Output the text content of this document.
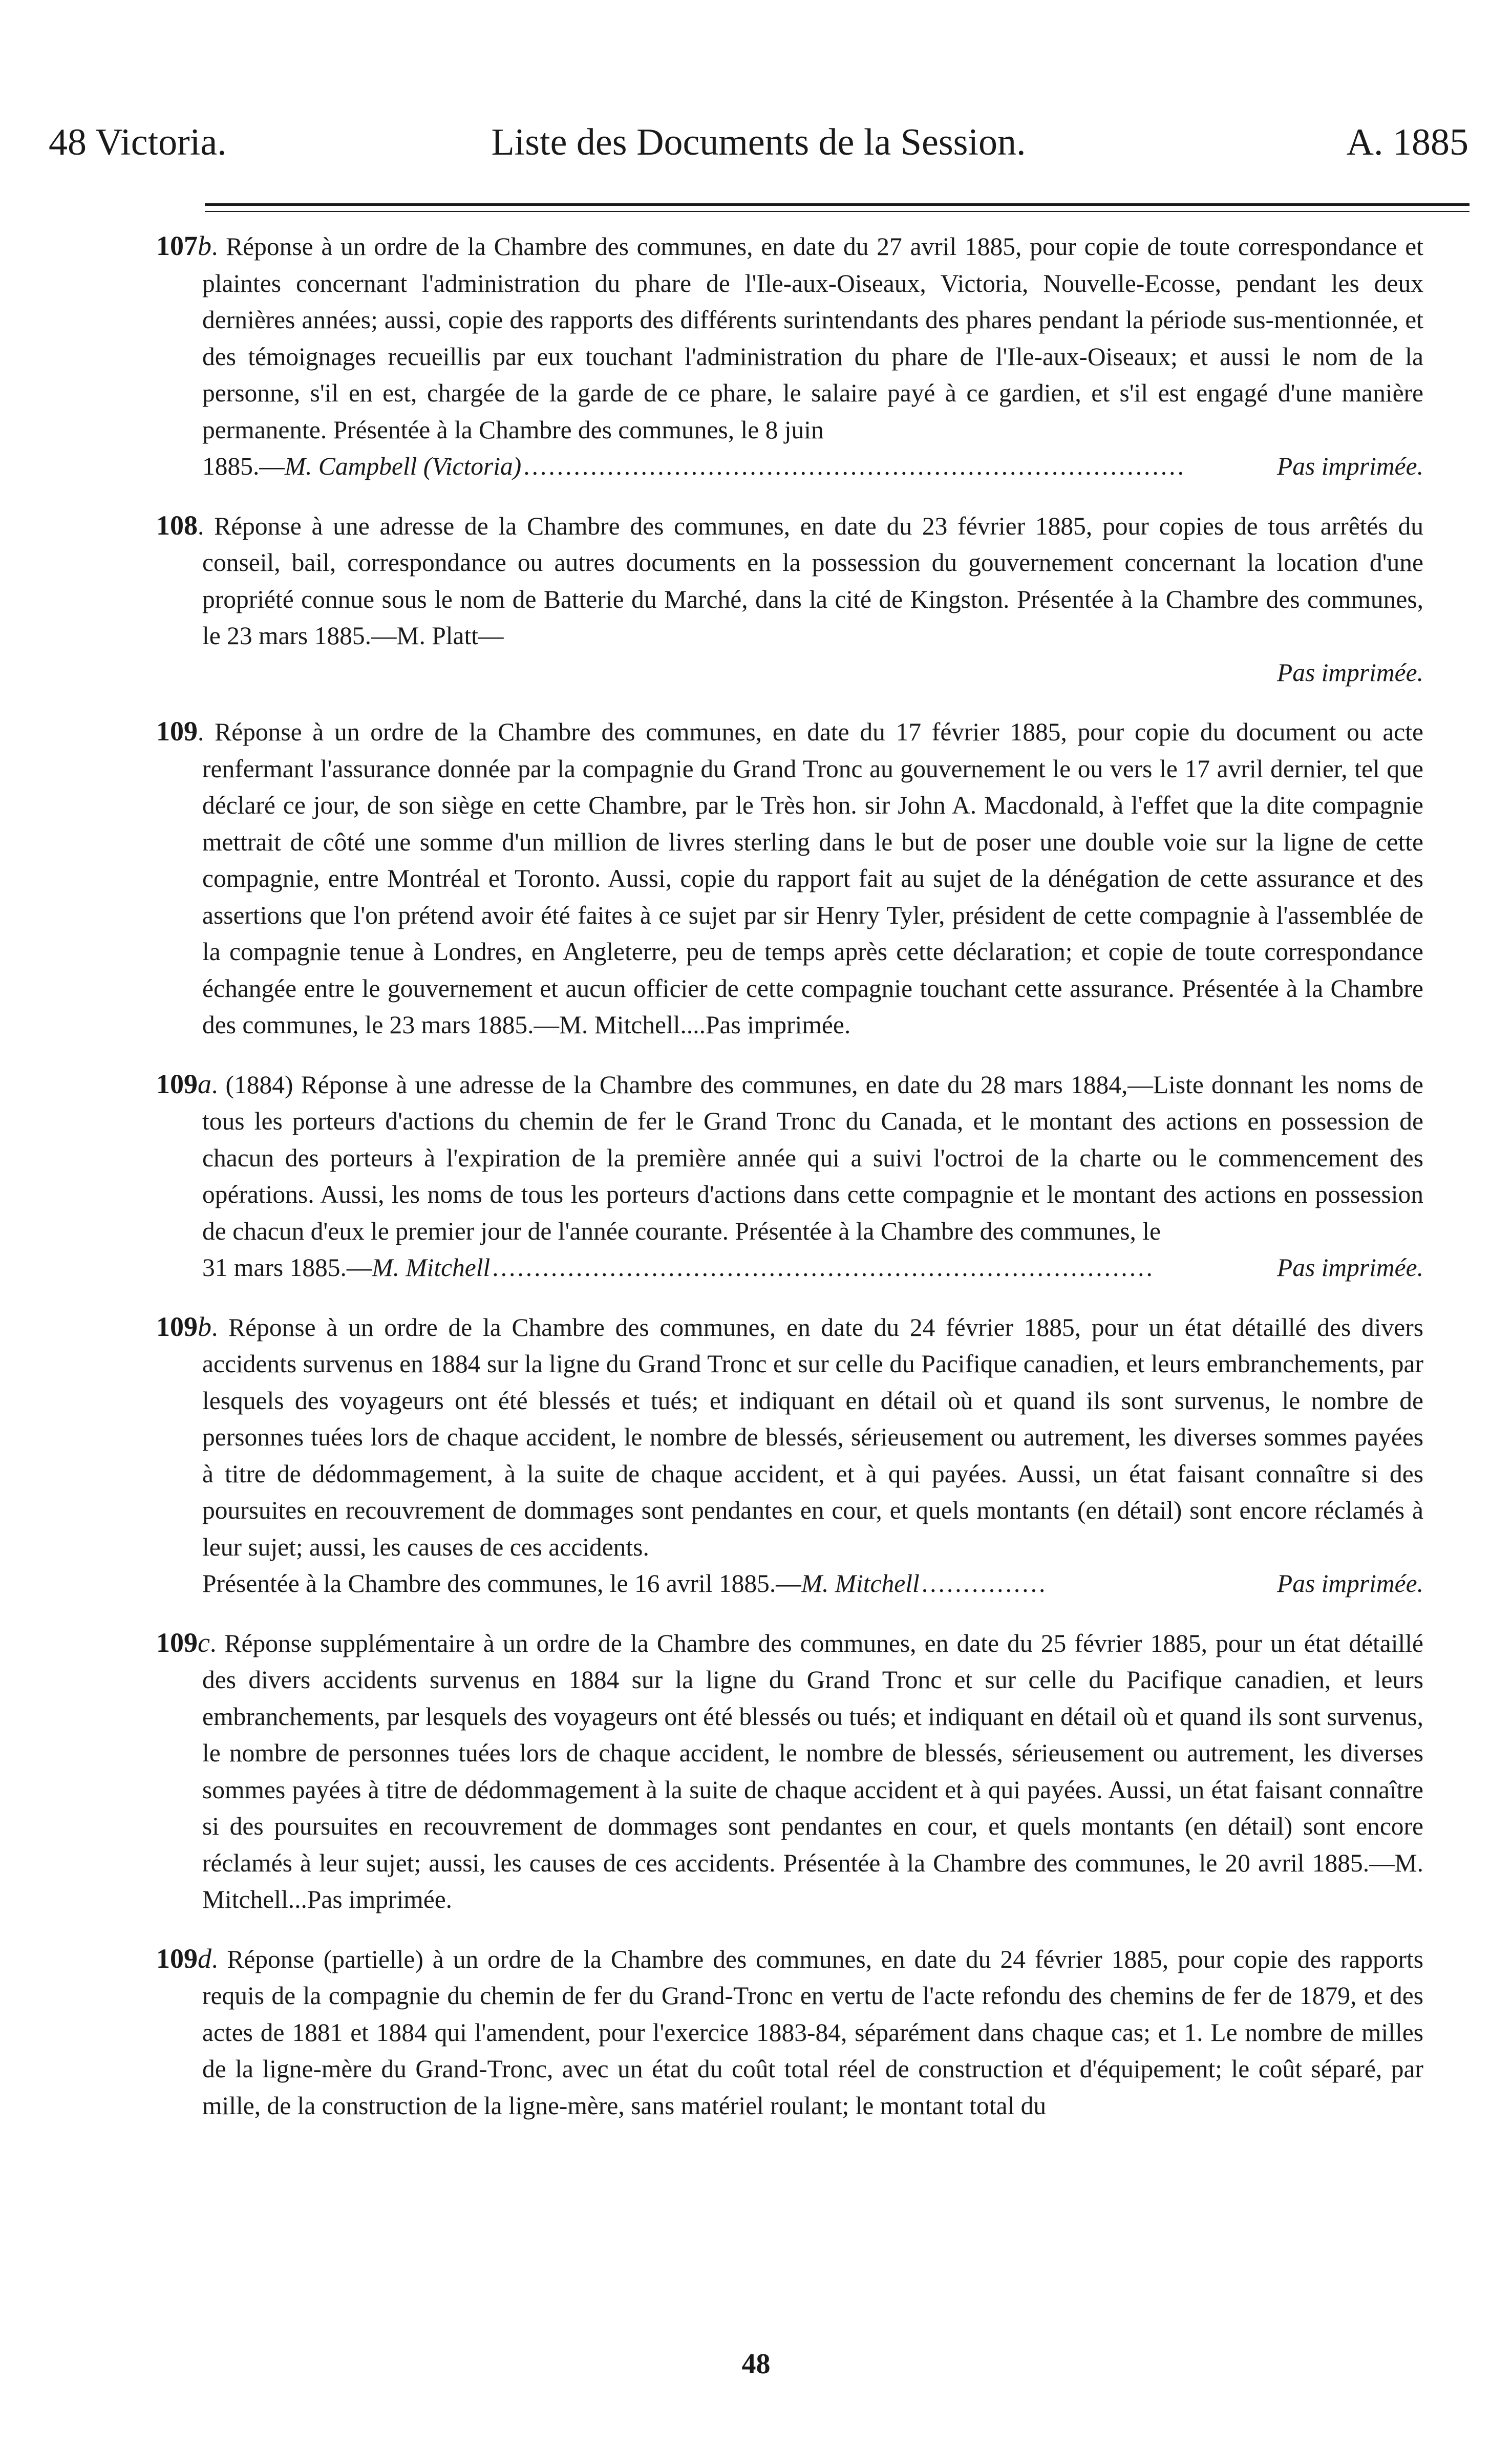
48 Victoria.	Liste des Documents de la Session.	A. 1885
107b. Réponse à un ordre de la Chambre des communes, en date du 27 avril 1885, pour copie de toute correspondance et plaintes concernant l'administration du phare de l'Ile-aux-Oiseaux, Victoria, Nouvelle-Ecosse, pendant les deux dernières années; aussi, copie des rapports des différents surintendants des phares pendant la période sus-mentionnée, et des témoignages recueillis par eux touchant l'administration du phare de l'Ile-aux-Oiseaux; et aussi le nom de la personne, s'il en est, chargée de la garde de ce phare, le salaire payé à ce gardien, et s'il est engagé d'une manière permanente. Présentée à la Chambre des communes, le 8 juin
1885.— M. Campbell (Victoria) ...............................................................................	Pas imprimée.
108. Réponse à une adresse de la Chambre des communes, en date du 23 février 1885, pour copies de tous arrêtés du conseil, bail, correspondance ou autres documents en la possession du gouvernement concernant la location d'une propriété connue sous le nom de Batterie du Marché, dans la cité de Kingston. Présentée à la Chambre des communes, le 23 mars 1885.—M. Platt—
Pas imprimée.
109. Réponse à un ordre de la Chambre des communes, en date du 17 février 1885, pour copie du document ou acte renfermant l'assurance donnée par la compagnie du Grand Tronc au gouvernement le ou vers le 17 avril dernier, tel que déclaré ce jour, de son siège en cette Chambre, par le Très hon. sir John A. Macdonald, à l'effet que la dite compagnie mettrait de côté une somme d'un million de livres sterling dans le but de poser une double voie sur la ligne de cette compagnie, entre Montréal et Toronto. Aussi, copie du rapport fait au sujet de la dénégation de cette assurance et des assertions que l'on prétend avoir été faites à ce sujet par sir Henry Tyler, président de cette compagnie à l'assemblée de la compagnie tenue à Londres, en Angleterre, peu de temps après cette déclaration; et copie de toute correspondance échangée entre le gouvernement et aucun officier de cette compagnie touchant cette assurance. Présentée à la Chambre des communes, le 23 mars 1885.—M. Mitchell....Pas imprimée.
109a. (1884) Réponse à une adresse de la Chambre des communes, en date du 28 mars 1884,—Liste donnant les noms de tous les porteurs d'actions du chemin de fer le Grand Tronc du Canada, et le montant des actions en possession de chacun des porteurs à l'expiration de la première année qui a suivi l'octroi de la charte ou le commencement des opérations. Aussi, les noms de tous les porteurs d'actions dans cette compagnie et le montant des actions en possession de chacun d'eux le premier jour de l'année courante. Présentée à la Chambre des communes, le
31 mars 1885.— M. Mitchell ...............................................................................	Pas imprimée.
109b. Réponse à un ordre de la Chambre des communes, en date du 24 février 1885, pour un état détaillé des divers accidents survenus en 1884 sur la ligne du Grand Tronc et sur celle du Pacifique canadien, et leurs embranchements, par lesquels des voyageurs ont été blessés et tués; et indiquant en détail où et quand ils sont survenus, le nombre de personnes tuées lors de chaque accident, le nombre de blessés, sérieusement ou autrement, les diverses sommes payées à titre de dédommagement, à la suite de chaque accident, et à qui payées. Aussi, un état faisant connaître si des poursuites en recouvrement de dommages sont pendantes en cour, et quels montants (en détail) sont encore réclamés à leur sujet; aussi, les causes de ces accidents.
Présentée à la Chambre des communes, le 16 avril 1885.— M. Mitchell ...............	Pas imprimée.
109c. Réponse supplémentaire à un ordre de la Chambre des communes, en date du 25 février 1885, pour un état détaillé des divers accidents survenus en 1884 sur la ligne du Grand Tronc et sur celle du Pacifique canadien, et leurs embranchements, par lesquels des voyageurs ont été blessés ou tués; et indiquant en détail où et quand ils sont survenus, le nombre de personnes tuées lors de chaque accident, le nombre de blessés, sérieusement ou autrement, les diverses sommes payées à titre de dédommagement à la suite de chaque accident et à qui payées. Aussi, un état faisant connaître si des poursuites en recouvrement de dommages sont pendantes en cour, et quels montants (en détail) sont encore réclamés à leur sujet; aussi, les causes de ces accidents. Présentée à la Chambre des communes, le 20 avril 1885.—M. Mitchell...Pas imprimée.
109d. Réponse (partielle) à un ordre de la Chambre des communes, en date du 24 février 1885, pour copie des rapports requis de la compagnie du chemin de fer du Grand-Tronc en vertu de l'acte refondu des chemins de fer de 1879, et des actes de 1881 et 1884 qui l'amendent, pour l'exercice 1883-84, séparément dans chaque cas; et 1. Le nombre de milles de la ligne-mère du Grand-Tronc, avec un état du coût total réel de construction et d'équipement; le coût séparé, par mille, de la construction de la ligne-mère, sans matériel roulant; le montant total du
48
